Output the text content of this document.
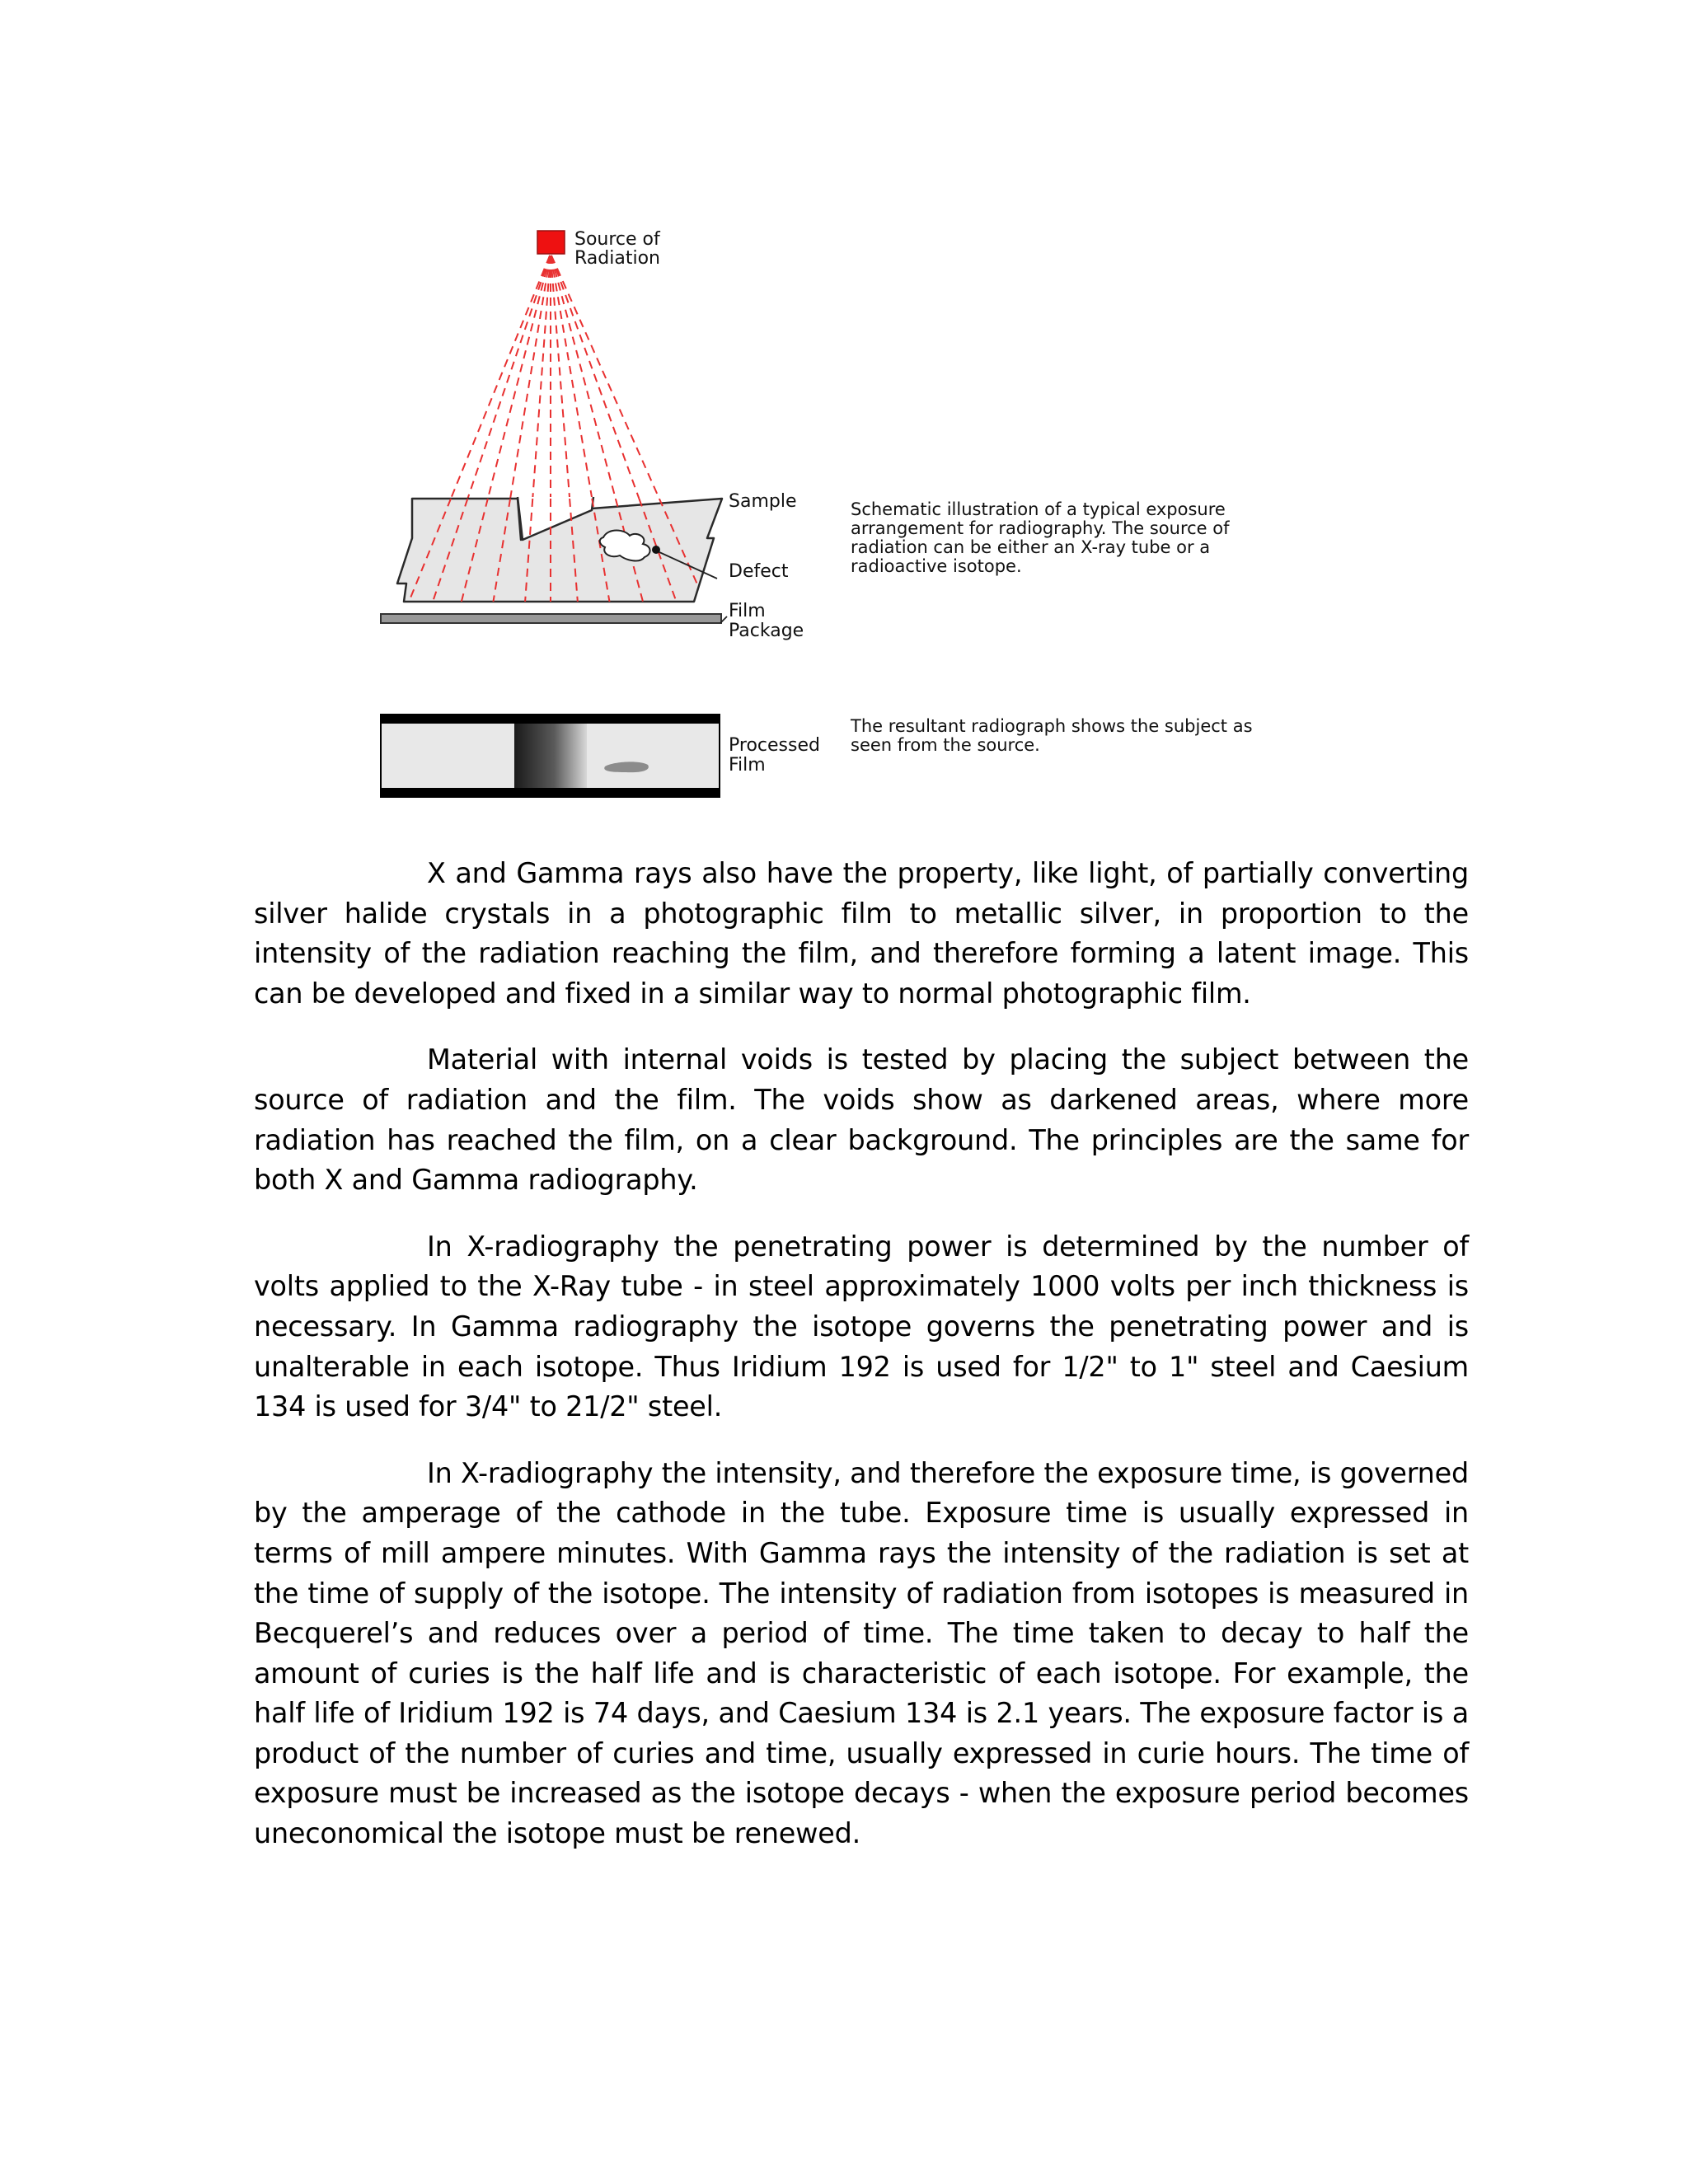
Source of
Radiation
Sample
Defect
Film
Package
Processed
Film
Schematic illustration of a typical exposure
arrangement for radiography. The source of
radiation can be either an X-ray tube or a
radioactive isotope.
The resultant radiograph shows the subject as
seen from the source.

X and Gamma rays also have the property, like light, of partially converting silver halide crystals in a photographic film to metallic silver, in proportion to the intensity of the radiation reaching the film, and therefore forming a latent image. This can be developed and fixed in a similar way to normal photographic film.

Material with internal voids is tested by placing the subject between the source of radiation and the film. The voids show as darkened areas, where more radiation has reached the film, on a clear background. The principles are the same for both X and Gamma radiography.

In X-radiography the penetrating power is determined by the number of volts applied to the X-Ray tube - in steel approximately 1000 volts per inch thickness is necessary. In Gamma radiography the isotope governs the penetrating power and is unalterable in each isotope. Thus Iridium 192 is used for 1/2" to 1" steel and Caesium 134 is used for 3/4" to 21/2" steel.

In X-radiography the intensity, and therefore the exposure time, is governed by the amperage of the cathode in the tube. Exposure time is usually expressed in terms of mill ampere minutes. With Gamma rays the intensity of the radiation is set at the time of supply of the isotope. The intensity of radiation from isotopes is measured in Becquerel’s and reduces over a period of time. The time taken to decay to half the amount of curies is the half life and is characteristic of each isotope. For example, the half life of Iridium 192 is 74 days, and Caesium 134 is 2.1 years. The exposure factor is a product of the number of curies and time, usually expressed in curie hours. The time of exposure must be increased as the isotope decays - when the exposure period becomes uneconomical the isotope must be renewed.
